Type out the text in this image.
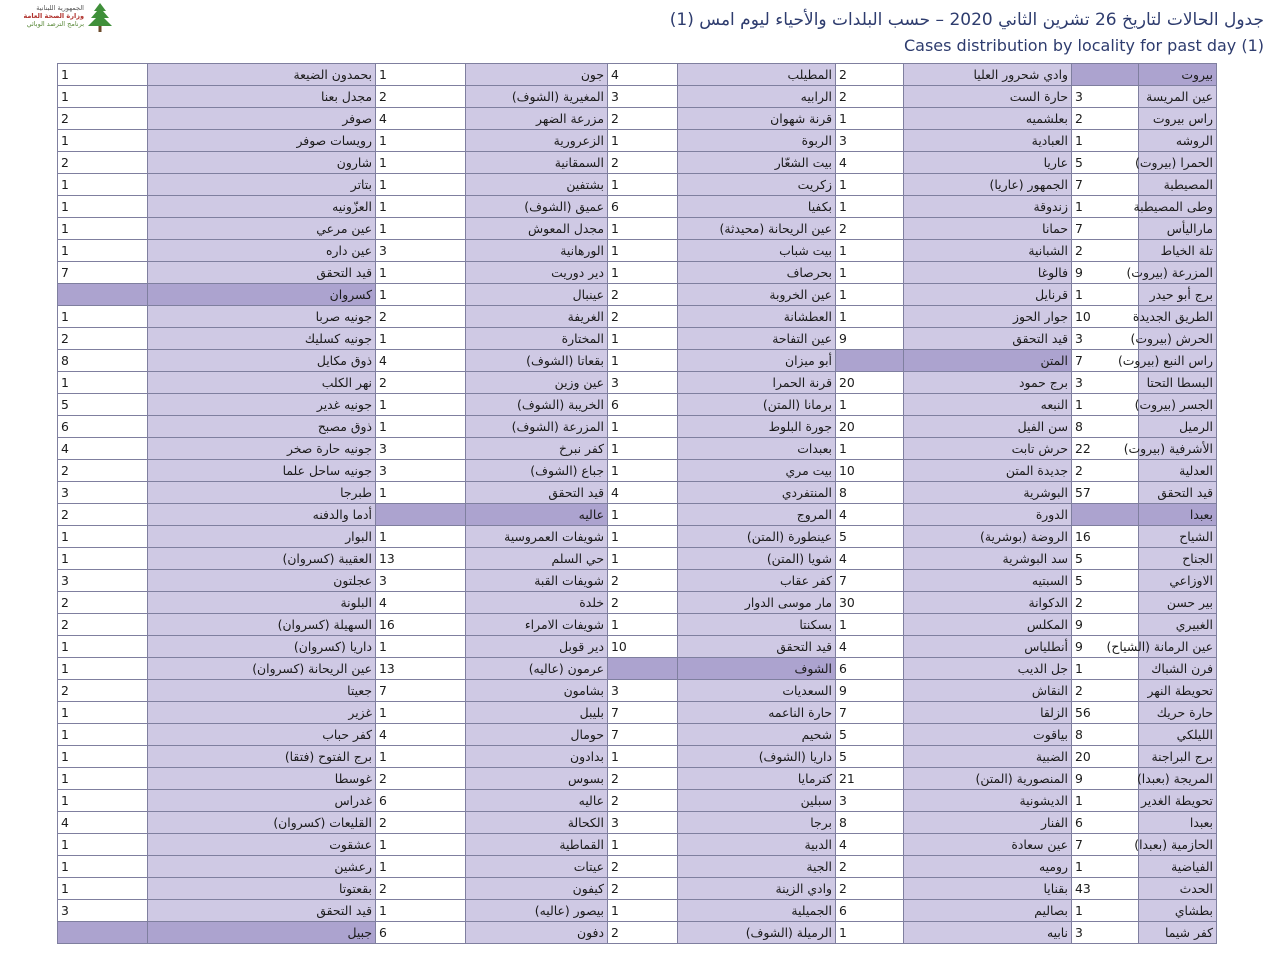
الجمهورية اللبنانية
وزارة الصحة العامة
برنامج الترصد الوبائي	جدول الحالات لتاريخ 26 تشرين الثاني 2020 – حسب البلدات والأحياء ليوم امس (1)
Cases distribution by locality for past day (1)
1	بحمدون الضيعة	1	جون	4	المطيلب	2	وادي شحرور العليا		بيروت
1	مجدل بعنا	2	المغيرية (الشوف)	3	الرابيه	2	حارة الست	3	عين المريسة
2	صوفر	4	مزرعة الضهر	2	قرنة شهوان	1	بعلشميه	2	راس بيروت
1	رويسات صوفر	1	الزعرورية	1	الربوة	3	العبادية	1	الروشه
2	شارون	1	السمقانية	2	بيت الشعّار	4	عاريا	5	الحمرا (بيروت)
1	بتاتر	1	بشتفين	1	زكريت	1	الجمهور (عاريا)	7	المصيطبة
1	العزّونيه	1	عميق (الشوف)	6	بكفيا	1	زندوقة	1	وطى المصيطبة
1	عين مرعي	1	مجدل المعوش	1	عين الريحانة (محيدثة)	2	حمانا	7	ماراليأس
1	عين داره	3	الورهانية	1	بيت شباب	1	الشبانية	2	تلة الخياط
7	قيد التحقق	1	دير دوريت	1	بحرصاف	1	فالوغا	9	المزرعة (بيروت)
	كسروان	1	عينبال	2	عين الخروبة	1	قرنايل	1	برج أبو حيدر
1	جونيه صربا	2	الغريفة	2	العطشانة	1	جوار الحوز	10	الطريق الجديدة
2	جونيه كسليك	1	المختارة	1	عين التفاحة	9	قيد التحقق	3	الحرش (بيروت)
8	ذوق مكايل	4	بقعاتا (الشوف)	1	أبو ميزان		المتن	7	راس النبع (بيروت)
1	نهر الكلب	2	عين وزين	3	قرنة الحمرا	20	برج حمود	3	البسطا التحتا
5	جونيه غدير	1	الخريبة (الشوف)	6	برمانا (المتن)	1	النبعه	1	الجسر (بيروت)
6	ذوق مصبح	1	المزرعة (الشوف)	1	جورة البلوط	20	سن الفيل	8	الرميل
4	جونيه حارة صخر	3	كفر نبرخ	1	بعبدات	1	حرش تابت	22	الأشرفية (بيروت)
2	جونيه ساحل علما	3	جباع (الشوف)	1	بيت مري	10	جديدة المتن	2	العدلية
3	طبرجا	1	قيد التحقق	4	المنتفردي	8	البوشرية	57	قيد التحقق
2	أدما والدفنه		عاليه	1	المروج	4	الدورة		بعبدا
1	البوار	1	شويفات العمروسية	1	عينطورة (المتن)	5	الروضة (بوشرية)	16	الشياح
1	العقيبة (كسروان)	13	حي السلم	1	شويا (المتن)	4	سد البوشرية	5	الجناح
3	عجلتون	3	شويفات القبة	2	كفر عقاب	7	السبتيه	5	الاوزاعي
2	البلونة	4	خلدة	2	مار موسى الدوار	30	الدكوانة	2	بير حسن
2	السهيلة (كسروان)	16	شويفات الامراء	1	بسكنتا	1	المكلس	9	الغبيري
1	داريا (كسروان)	1	دير قوبل	10	قيد التحقق	4	أنطلياس	9	عين الرمانة (الشياح)
1	عين الريحانة (كسروان)	13	عرمون (عاليه)		الشوف	6	جل الديب	1	فرن الشباك
2	جعيتا	7	بشامون	3	السعديات	9	النقاش	2	تحويطة النهر
1	غزير	1	بليبل	7	حارة الناعمه	7	الزلقا	56	حارة حريك
1	كفر حباب	4	حومال	7	شحيم	5	بياقوت	8	الليلكي
1	برج الفتوح (فتقا)	1	بدادون	1	داريا (الشوف)	5	الضبية	20	برج البراجنة
1	غوسطا	2	بسوس	2	كترمايا	21	المنصورية (المتن)	9	المريجة (بعبدا)
1	غدراس	6	عاليه	2	سبلين	3	الديشونية	1	تحويطة الغدير
4	القليعات (كسروان)	2	الكحالة	3	برجا	8	الفنار	6	بعبدا
1	عشقوت	1	القماطية	1	الدبية	4	عين سعادة	7	الحازمية (بعبدا)
1	رعشين	1	عيتات	2	الجية	2	روميه	1	الفياضية
1	بقعتوتا	2	كيفون	2	وادي الزينة	2	بقنايا	43	الحدث
3	قيد التحقق	1	بيصور (عاليه)	1	الجميلية	6	بصاليم	1	بطشاي
	جبيل	6	دفون	2	الرميلة (الشوف)	1	نابيه	3	كفر شيما
